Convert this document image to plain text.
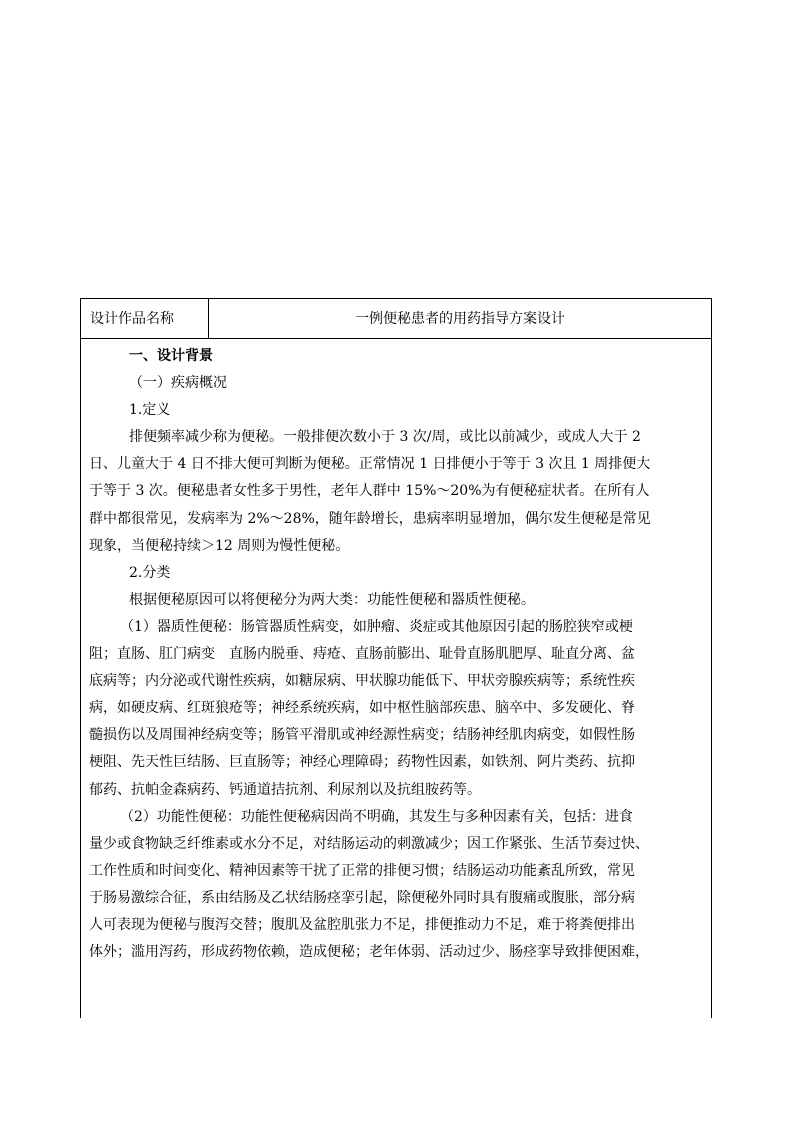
设计作品名称	一例便秘患者的用药指导方案设计
一、设计背景
（一）疾病概况
1.定义
排便频率减少称为便秘。一般排便次数小于 3 次/周，或比以前减少，或成人大于 2
日、儿童大于 4 日不排大便可判断为便秘。正常情况 1 日排便小于等于 3 次且 1 周排便大
于等于 3 次。便秘患者女性多于男性，老年人群中 15%～20%为有便秘症状者。在所有人
群中都很常见，发病率为 2%～28%，随年龄增长，患病率明显增加，偶尔发生便秘是常见
现象，当便秘持续＞12 周则为慢性便秘。
2.分类
根据便秘原因可以将便秘分为两大类：功能性便秘和器质性便秘。
（1）器质性便秘：肠管器质性病变，如肿瘤、炎症或其他原因引起的肠腔狭窄或梗
阻；直肠、肛门病变　直肠内脱垂、痔疮、直肠前膨出、耻骨直肠肌肥厚、耻直分离、盆
底病等；内分泌或代谢性疾病，如糖尿病、甲状腺功能低下、甲状旁腺疾病等；系统性疾
病，如硬皮病、红斑狼疮等；神经系统疾病，如中枢性脑部疾患、脑卒中、多发硬化、脊
髓损伤以及周围神经病变等；肠管平滑肌或神经源性病变；结肠神经肌肉病变，如假性肠
梗阻、先天性巨结肠、巨直肠等；神经心理障碍；药物性因素，如铁剂、阿片类药、抗抑
郁药、抗帕金森病药、钙通道拮抗剂、利尿剂以及抗组胺药等。
（2）功能性便秘：功能性便秘病因尚不明确，其发生与多种因素有关，包括：进食
量少或食物缺乏纤维素或水分不足，对结肠运动的刺激减少；因工作紧张、生活节奏过快、
工作性质和时间变化、精神因素等干扰了正常的排便习惯；结肠运动功能紊乱所致，常见
于肠易激综合征，系由结肠及乙状结肠痉挛引起，除便秘外同时具有腹痛或腹胀，部分病
人可表现为便秘与腹泻交替；腹肌及盆腔肌张力不足，排便推动力不足，难于将粪便排出
体外；滥用泻药，形成药物依赖，造成便秘；老年体弱、活动过少、肠痉挛导致排便困难，
